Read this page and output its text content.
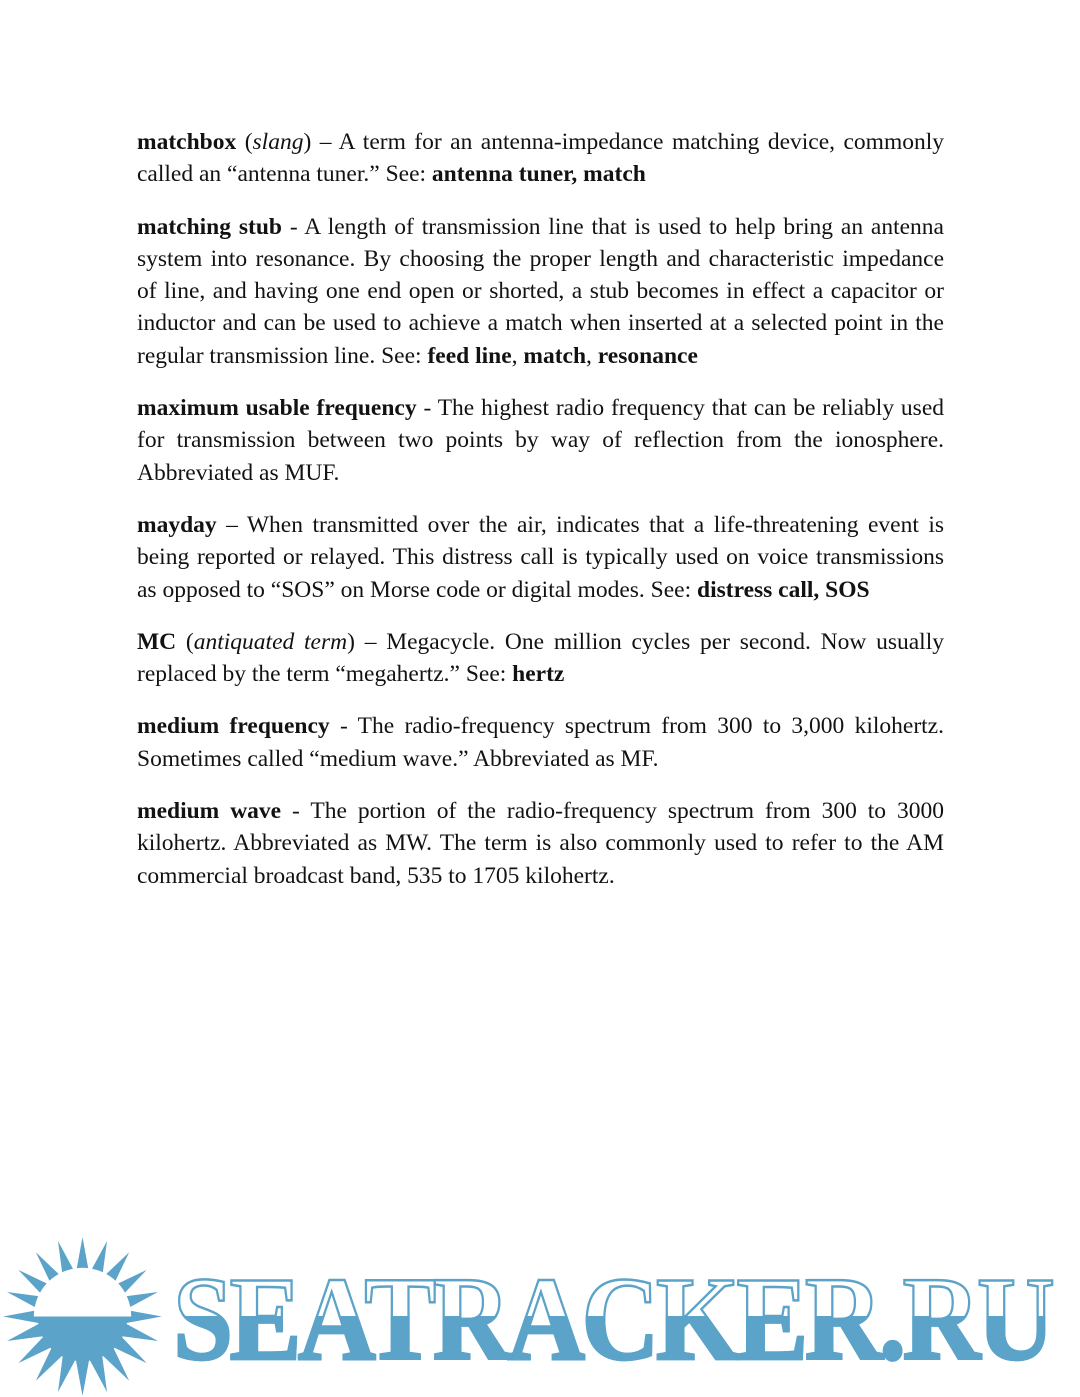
matchbox (slang) – A term for an antenna-impedance matching device, commonly called an “antenna tuner.” See: antenna tuner, match

matching stub - A length of transmission line that is used to help bring an antenna system into resonance. By choosing the proper length and characteristic impedance of line, and having one end open or shorted, a stub becomes in effect a capacitor or inductor and can be used to achieve a match when inserted at a selected point in the regular transmission line. See: feed line, match, resonance

maximum usable frequency - The highest radio frequency that can be reliably used for transmission between two points by way of reflection from the ionosphere. Abbreviated as MUF.

mayday – When transmitted over the air, indicates that a life-threatening event is being reported or relayed. This distress call is typically used on voice transmissions as opposed to “SOS” on Morse code or digital modes. See: distress call, SOS

MC (antiquated term) – Megacycle. One million cycles per second. Now usually replaced by the term “megahertz.” See: hertz

medium frequency - The radio-frequency spectrum from 300 to 3,000 kilohertz. Sometimes called “medium wave.” Abbreviated as MF.

medium wave - The portion of the radio-frequency spectrum from 300 to 3000 kilohertz. Abbreviated as MW. The term is also commonly used to refer to the AM commercial broadcast band, 535 to 1705 kilohertz.

SEATRACKER.RU
